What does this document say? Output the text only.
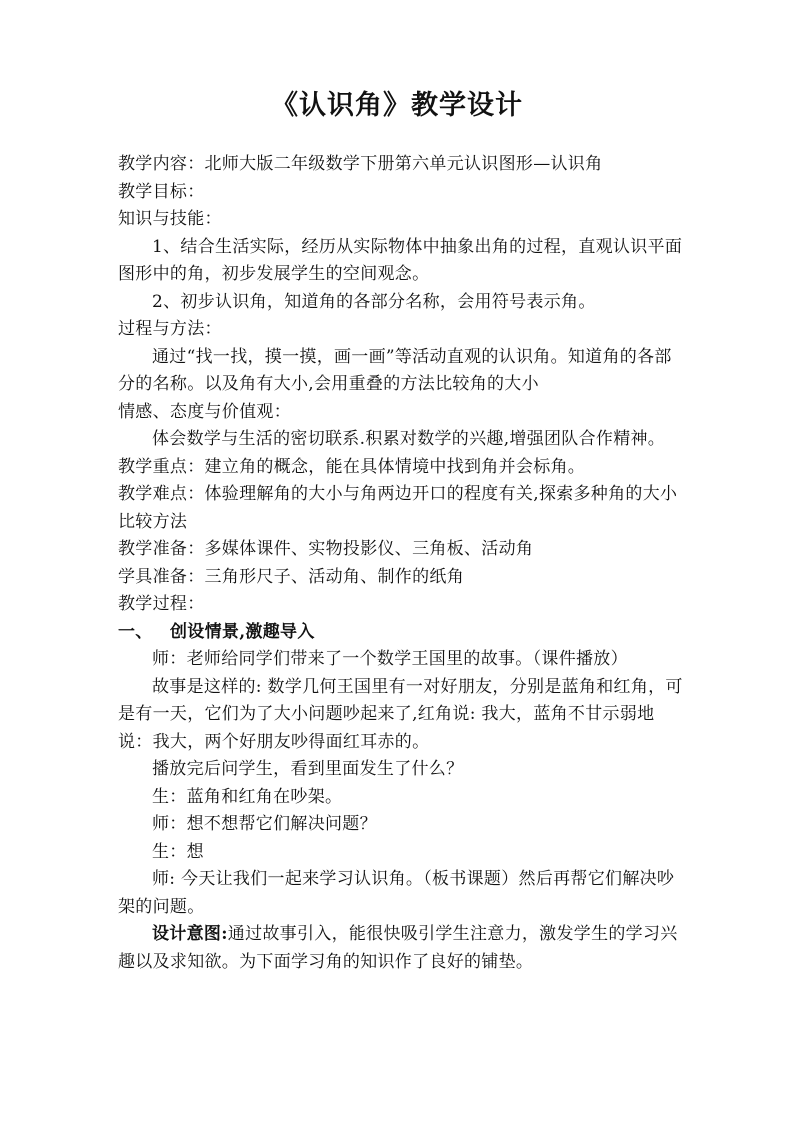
《认识角》教学设计

教学内容：北师大版二年级数学下册第六单元认识图形—认识角

教学目标：

知识与技能：

1、结合生活实际，经历从实际物体中抽象出角的过程，直观认识平面图形中的角，初步发展学生的空间观念。

2、初步认识角，知道角的各部分名称，会用符号表示角。

过程与方法：

通过“找一找，摸一摸，画一画”等活动直观的认识角。知道角的各部分的名称。以及角有大小,会用重叠的方法比较角的大小

情感、态度与价值观：

体会数学与生活的密切联系.积累对数学的兴趣,增强团队合作精神。

教学重点：建立角的概念，能在具体情境中找到角并会标角。

教学难点：体验理解角的大小与角两边开口的程度有关,探索多种角的大小比较方法

教学准备：多媒体课件、实物投影仪、三角板、活动角

学具准备：三角形尺子、活动角、制作的纸角

教学过程：

一、 创设情景,激趣导入

师：老师给同学们带来了一个数学王国里的故事。（课件播放）

故事是这样的: 数学几何王国里有一对好朋友，分别是蓝角和红角，可是有一天，它们为了大小问题吵起来了,红角说: 我大，蓝角不甘示弱地说：我大，两个好朋友吵得面红耳赤的。

播放完后问学生，看到里面发生了什么？

生：蓝角和红角在吵架。

师：想不想帮它们解决问题？

生：想

师: 今天让我们一起来学习认识角。（板书课题）然后再帮它们解决吵架的问题。

设计意图:通过故事引入，能很快吸引学生注意力，激发学生的学习兴趣以及求知欲。为下面学习角的知识作了良好的铺垫。
